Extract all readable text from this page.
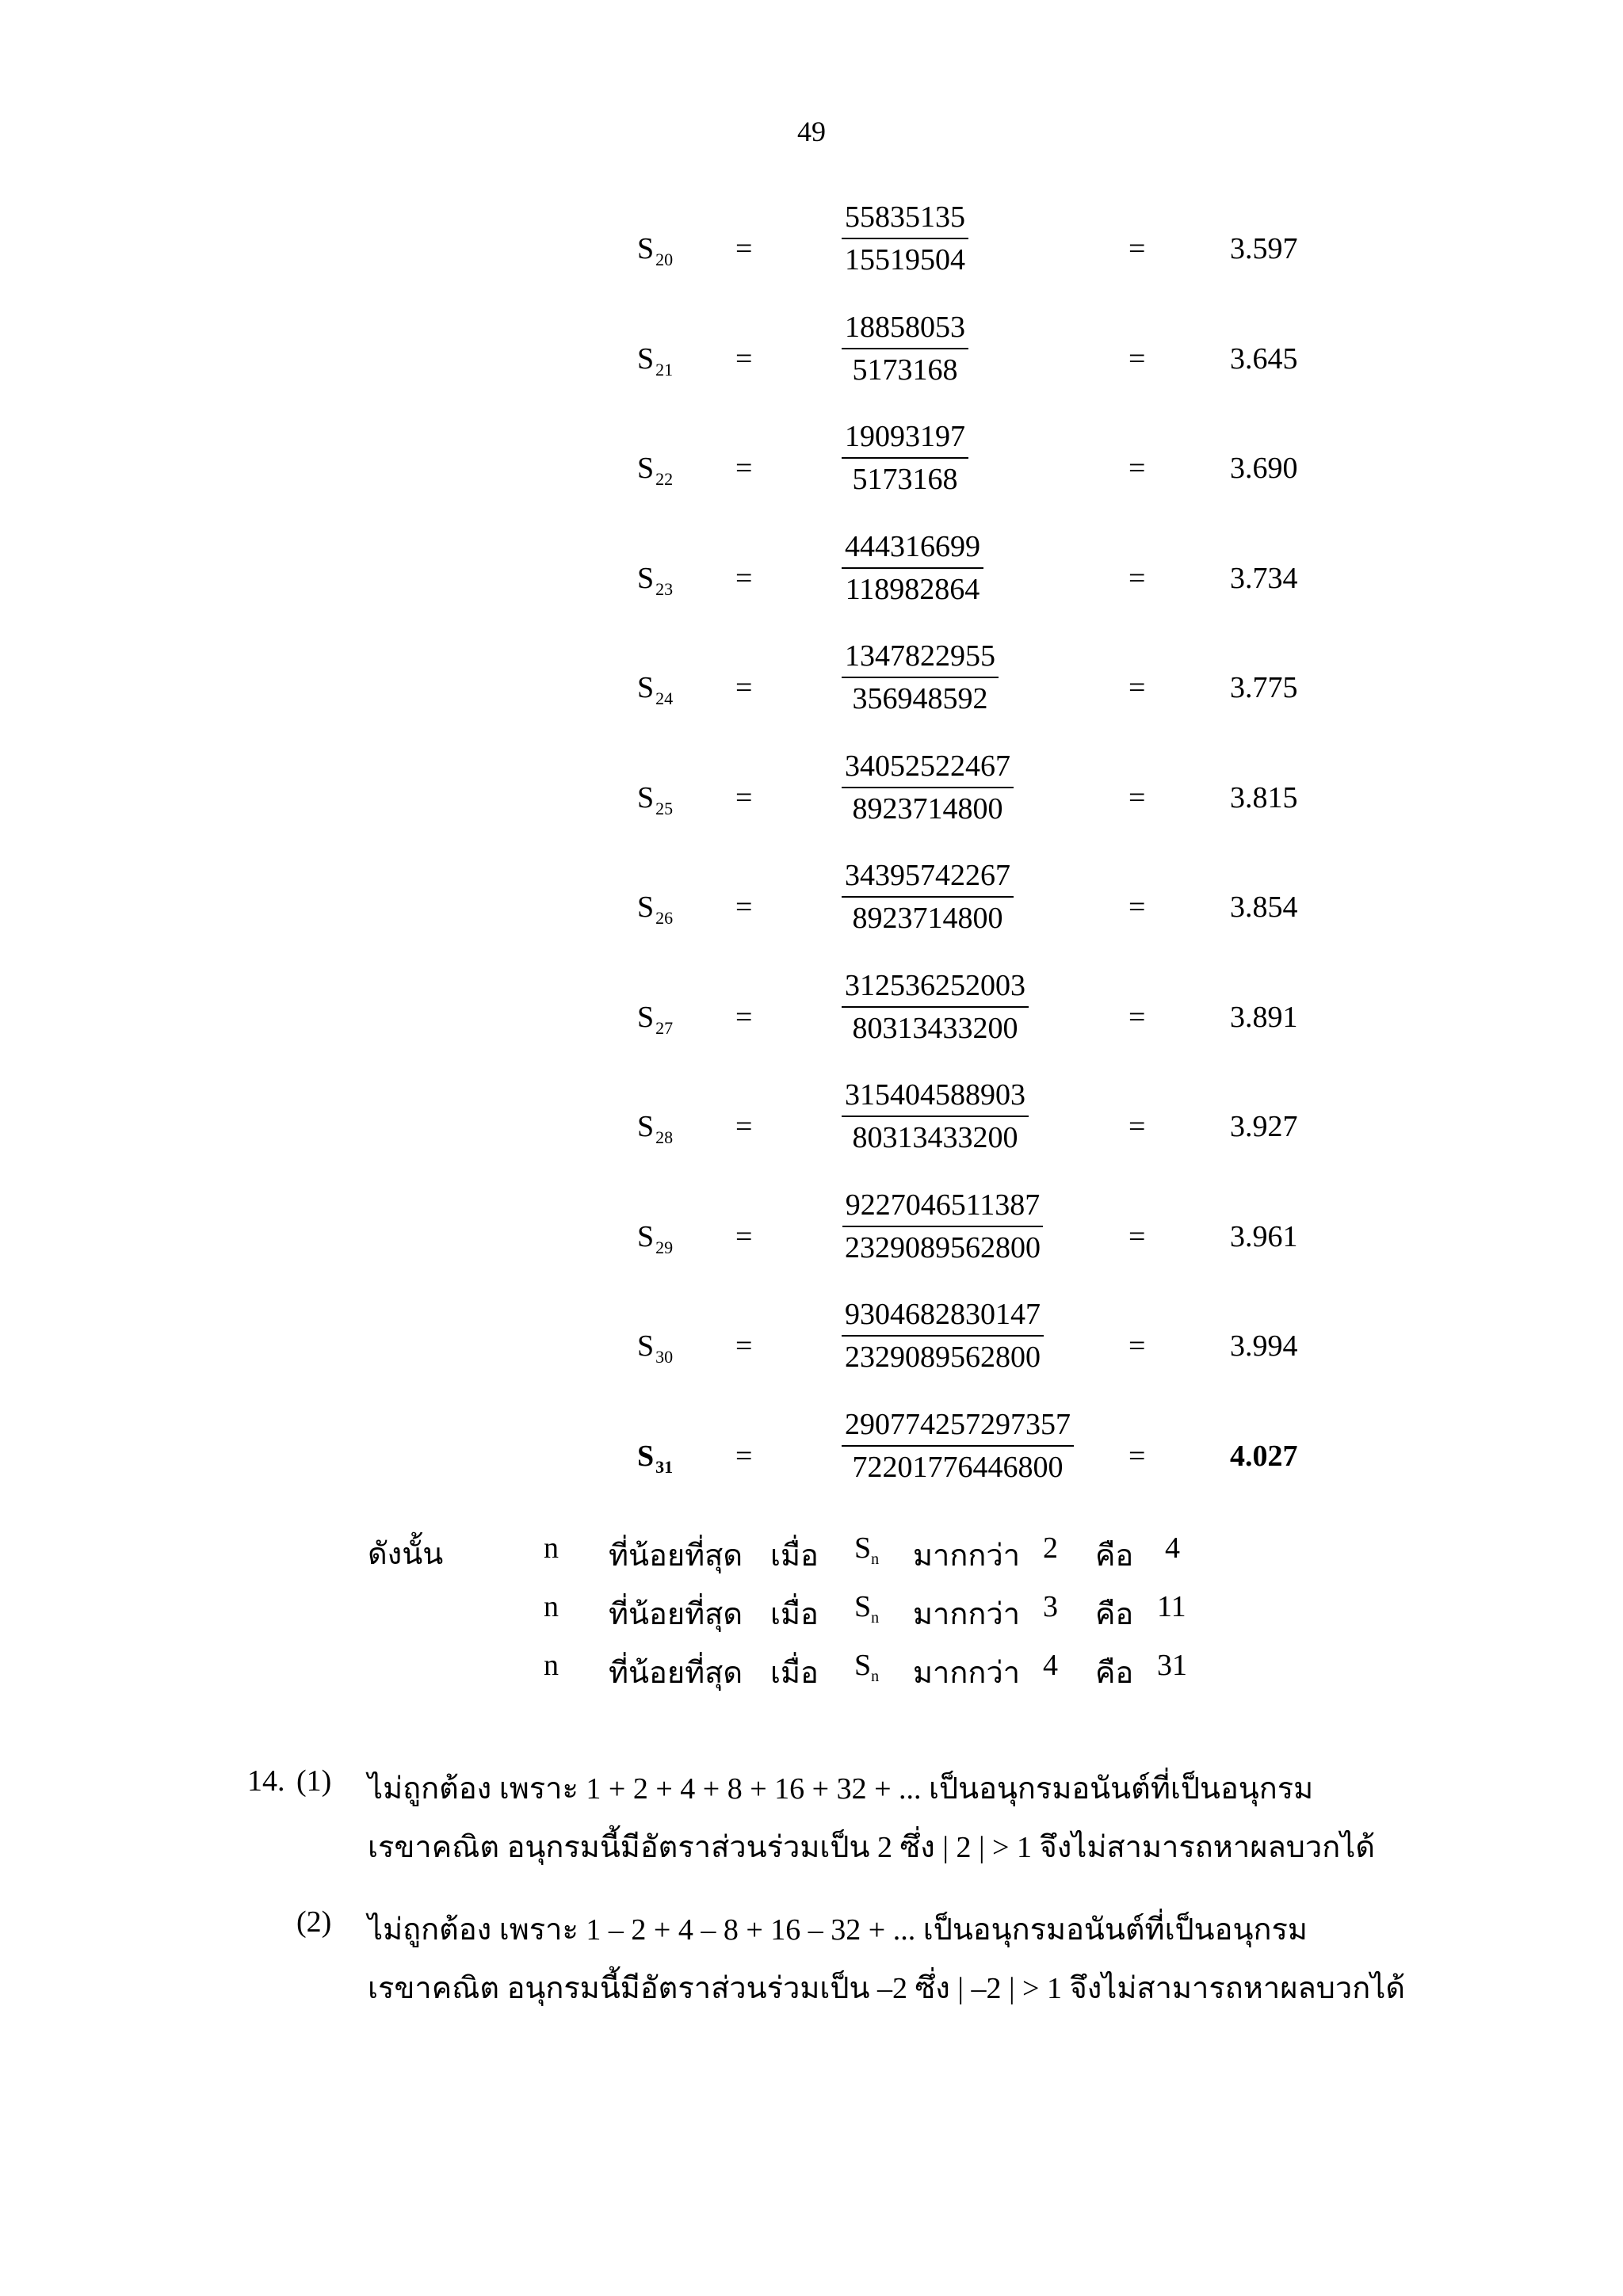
49
$S_{20}$ =	$\frac{55835135}{15519504}$	=	3.597
$S_{21}$ =	$\frac{18858053}{5173168}$	=	3.645
$S_{22}$ =	$\frac{19093197}{5173168}$	=	3.690
$S_{23}$ =	$\frac{444316699}{118982864}$	=	3.734
$S_{24}$ =	$\frac{1347822955}{356948592}$	=	3.775
$S_{25}$ =	$\frac{34052522467}{8923714800}$	=	3.815
$S_{26}$ =	$\frac{34395742267}{8923714800}$	=	3.854
$S_{27}$ =	$\frac{312536252003}{80313433200}$	=	3.891
$S_{28}$ =	$\frac{315404588903}{80313433200}$	=	3.927
$S_{29}$ =	$\frac{9227046511387}{2329089562800}$	=	3.961
$S_{30}$ =	$\frac{9304682830147}{2329089562800}$	=	3.994
$S_{31}$ =	$\frac{290774257297357}{72201776446800}$ =	4.027
ดังนั้น	n ที่น้อยที่สุด เมื่อ $S_n$ มากกว่า 2 คือ 4
n ที่น้อยที่สุด เมื่อ $S_n$ มากกว่า 3 คือ 11
n ที่น้อยที่สุด เมื่อ $S_n$ มากกว่า 4 คือ 31
14. (1) ไม่ถูกต้อง เพราะ 1 + 2 + 4 + 8 + 16 + 32 + ... เป็นอนุกรมอนันต์ที่เป็นอนุกรม
เรขาคณิต อนุกรมนี้มีอัตราส่วนร่วมเป็น 2 ซึ่ง | 2 | > 1 จึงไม่สามารถหาผลบวกได้
(2) ไม่ถูกต้อง เพราะ 1 – 2 + 4 – 8 + 16 – 32 + ... เป็นอนุกรมอนันต์ที่เป็นอนุกรม
เรขาคณิต อนุกรมนี้มีอัตราส่วนร่วมเป็น –2 ซึ่ง | –2 | > 1 จึงไม่สามารถหาผลบวกได้
